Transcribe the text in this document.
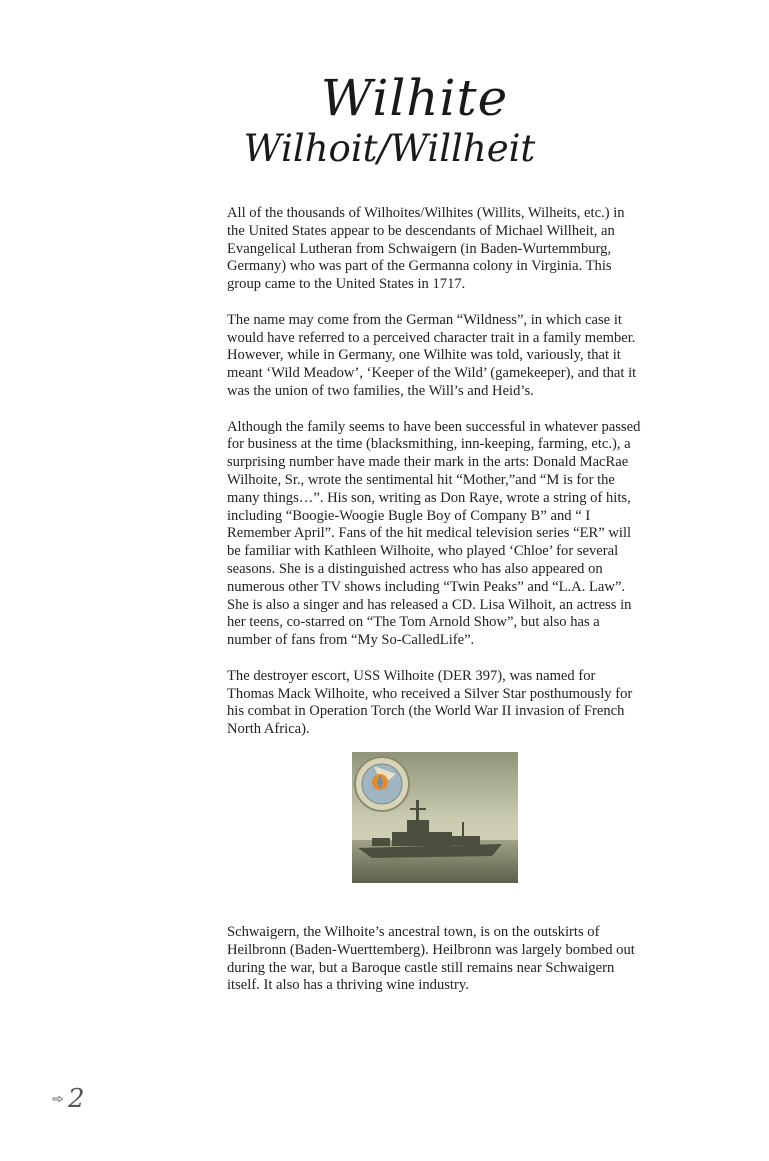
Wilhite
Wilhoit/Willheit

All of the thousands of Wilhoites/Wilhites (Willits, Wilheits, etc.) in the United States appear to be descendants of Michael Willheit, an Evangelical Lutheran from Schwaigern (in Baden-Wurtemmburg, Germany) who was part of the Germanna colony in Virginia. This group came to the United States in 1717.

The name may come from the German “Wildness”, in which case it would have referred to a perceived character trait in a family member. However, while in Germany, one Wilhite was told, variously, that it meant ‘Wild Meadow’, ‘Keeper of the Wild’ (gamekeeper), and that it was the union of two families, the Will’s and Heid’s.

Although the family seems to have been successful in whatever passed for business at the time (blacksmithing, inn-keeping, farming, etc.), a surprising number have made their mark in the arts: Donald MacRae Wilhoite, Sr., wrote the sentimental hit “Mother,”and “M is for the many things…”. His son, writing as Don Raye, wrote a string of hits, including “Boogie-Woogie Bugle Boy of Company B” and “ I Remember April”. Fans of the hit medical television series “ER” will be familiar with Kathleen Wilhoite, who played ‘Chloe’ for several seasons. She is a distinguished actress who has also appeared on numerous other TV shows including “Twin Peaks” and “L.A. Law”. She is also a singer and has released a CD. Lisa Wilhoit, an actress in her teens, co-starred on “The Tom Arnold Show”, but also has a number of fans from “My So-CalledLife”.

The destroyer escort, USS Wilhoite (DER 397), was named for Thomas Mack Wilhoite, who received a Silver Star posthumously for his combat in Operation Torch (the World War II invasion of French North Africa).

Schwaigern, the Wilhoite’s ancestral town, is on the outskirts of Heilbronn (Baden-Wuerttemberg). Heilbronn was largely bombed out during the war, but a Baroque castle still remains near Schwaigern itself. It also has a thriving wine industry.

2
